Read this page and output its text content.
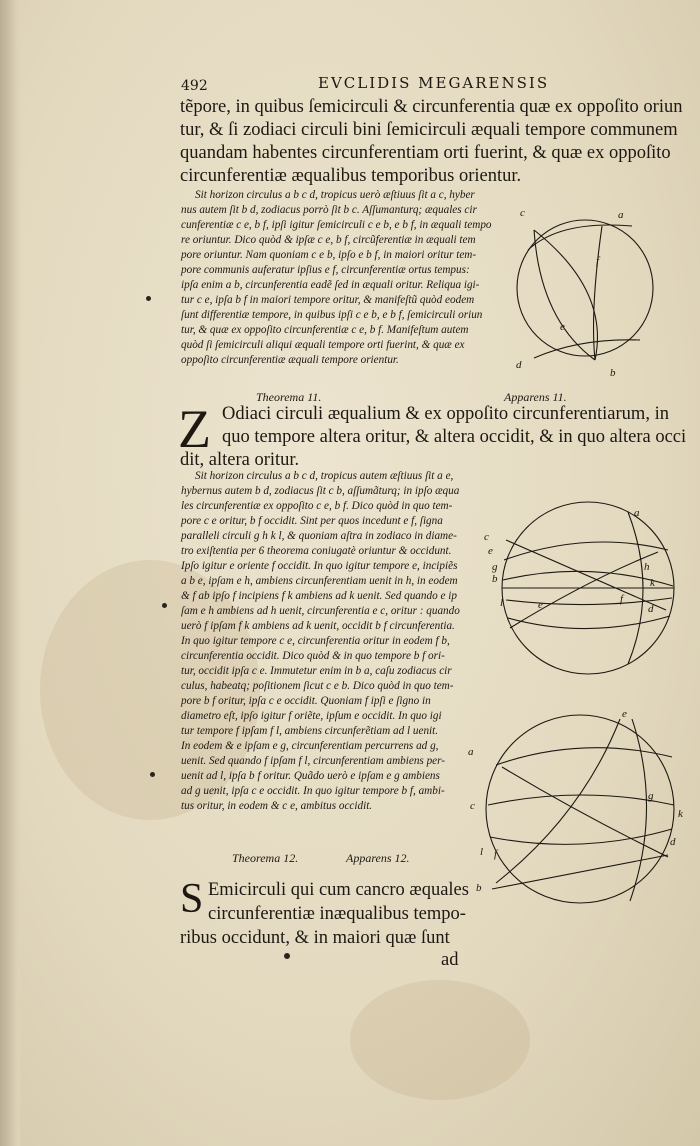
492	EVCLIDIS MEGARENSIS
tẽpore, in quibus ſemicirculi & circunferentia quæ ex oppoſito oriun
tur, & ſi zodiaci circuli bini ſemicirculi æquali tempore communem
quandam habentes circunferentiam orti fuerint, & quæ ex oppoſito
circunferentiæ æqualibus temporibus orientur.
Sit horizon circulus a b c d, tropicus uerò æſtiuus ſit a c, hyber
nus autem ſit b d, zodiacus porrò ſit b c. Aſſumanturq; æquales cir
cunferentiæ c e, b f, ipſi igitur ſemicirculi c e b, e b f, in æquali tempo
re oriuntur. Dico quòd & ipſæ c e, b f, circũferentiæ in æquali tem
pore oriuntur. Nam quoniam c e b, ipſo e b f, in maiori oritur tem-
pore communis auferatur ipſius e f, circunferentiæ ortus tempus:
ipſa enim a b, circunferentia eadẽ ſed in æquali oritur. Reliqua igi-
tur c e, ipſa b f in maiori tempore oritur, & manifeſtũ quòd eodem
ſunt differentiæ tempore, in quibus ipſi c e b, e b f, ſemicirculi oriun
tur, & quæ ex oppoſito circunferentiæ c e, b f. Manifeſtum autem
quòd ſi ſemicirculi aliqui æquali tempore orti fuerint, & quæ ex
oppoſito circunferentiæ æquali tempore orientur.
c	a
f
e
d
b
Theorema 11.	Apparens 11.
Z Odiaci circuli æqualium & ex oppoſito circunferentiarum, in
quo tempore altera oritur, & altera occidit, & in quo altera occi
dit, altera oritur.
Sit horizon circulus a b c d, tropicus autem æſtiuus ſit a e,
hybernus autem b d, zodiacus ſit c b, aſſumãturq; in ipſo æqua
les circunferentiæ ex oppoſito c e, b f. Dico quòd in quo tem-
pore c e oritur, b f occidit. Sint per quos incedunt e f, ſigna
paralleli circuli g h k l, & quoniam aſtra in zodiaco in diame-
tro exiſtentia per 6 theorema coniugatè oriuntur & occidunt.
Ipſo igitur e oriente f occidit. In quo igitur tempore e, incipiẽs
a b e, ipſam e h, ambiens circunferentiam uenit in h, in eodem
& f ab ipſo f incipiens f k ambiens ad k uenit. Sed quando e ip
ſam e h ambiens ad h uenit, circunferentia e c, oritur : quando
uerò f ipſam f k ambiens ad k uenit, occidit b f circunferentia.
In quo igitur tempore c e, circunferentia oritur in eodem f b,
circunferentia occidit. Dico quòd & in quo tempore b f ori-
tur, occidit ipſa c e. Immutetur enim in b a, caſu zodiacus cir
culus, habeatq; poſitionem ſicut c e b. Dico quòd in quo tem-
pore b f oritur, ipſa c e occidit. Quoniam f ipſi e ſigno in
diametro eſt, ipſo igitur f oriẽte, ipſum e occidit. In quo igi
tur tempore f ipſam f l, ambiens circunferẽtiam ad l uenit.
In eodem & e ipſam e g, circunferentiam percurrens ad g,
uenit. Sed quando f ipſam f l, circunferentiam ambiens per-
uenit ad l, ipſa b f oritur. Quãdo uerò e ipſam e g ambiens
ad g uenit, ipſa c e occidit. In quo igitur tempore b f, ambi-
tus oritur, in eodem & c e, ambitus occidit.
a
c
e
g
b
h
l	e
k
f
d
e
a
c
g
k
d
l f
b
Theorema 12.	Apparens 12.
S Emicirculi qui cum cancro æquales
circunferentiæ inæqualibus tempo-
ribus occidunt, & in maiori quæ ſunt
ad
